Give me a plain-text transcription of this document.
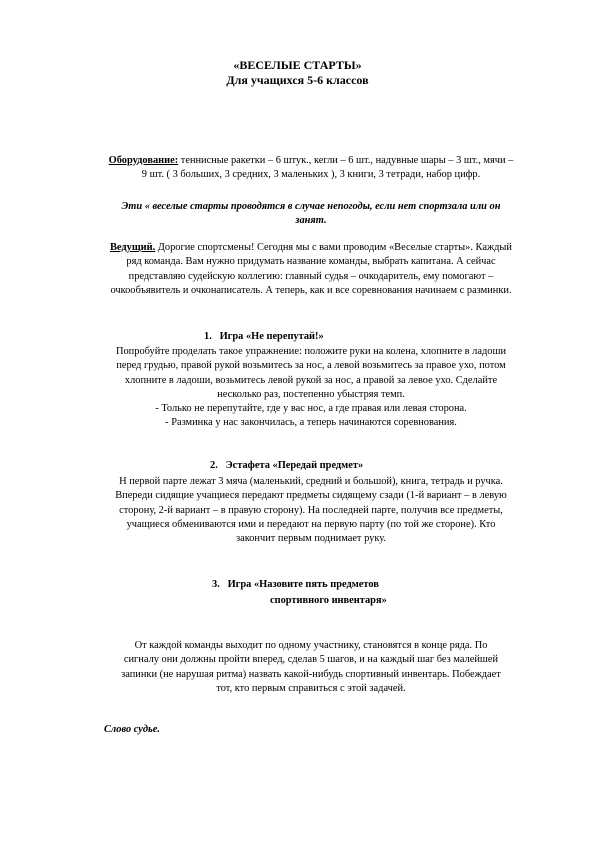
«ВЕСЕЛЫЕ СТАРТЫ»
Для учащихся 5-6 классов
Оборудование: теннисные ракетки – 6 штук., кегли – 6 шт., надувные шары – 3 шт., мячи –
9 шт. ( 3 больших, 3 средних, 3 маленьких ), 3 книги, 3 тетради, набор цифр.
Эти « веселые старты проводятся в случае непогоды, если нет спортзала или он
занят.
Ведущий. Дорогие спортсмены! Сегодня мы с вами проводим «Веселые старты». Каждый
ряд команда. Вам нужно придумать название команды, выбрать капитана. А сейчас
представляю судейскую коллегию: главный судья – очкодаритель, ему помогают –
очкообъявитель и очконаписатель. А теперь, как и все соревнования начинаем с разминки.
1. Игра «Не перепутай!»
Попробуйте проделать такое упражнение: положите руки на колена, хлопните в ладоши
перед грудью, правой рукой возьмитесь за нос, а левой возьмитесь за правое ухо, потом
хлопните в ладоши, возьмитесь левой рукой за нос, а правой за левое ухо. Сделайте
несколько раз, постепенно убыстряя темп.
- Только не перепутайте, где у вас нос, а где правая или левая сторона.
- Разминка у нас закончилась, а теперь начинаются соревнования.
2. Эстафета «Передай предмет»
Н первой парте лежат 3 мяча (маленький, средний и большой), книга, тетрадь и ручка.
Впереди сидящие учащиеся передают предметы сидящему сзади (1-й вариант – в левую
сторону, 2-й вариант – в правую сторону). На последней парте, получив все предметы,
учащиеся обмениваются ими и передают на первую парту (по той же стороне). Кто
закончит первым поднимает руку.
3. Игра «Назовите пять предметов
спортивного инвентаря»
От каждой команды выходит по одному участнику, становятся в конце ряда. По
сигналу они должны пройти вперед, сделав 5 шагов, и на каждый шаг без малейшей
запинки (не нарушая ритма) назвать какой-нибудь спортивный инвентарь. Побеждает
тот, кто первым справиться с этой задачей.
Слово судье.
